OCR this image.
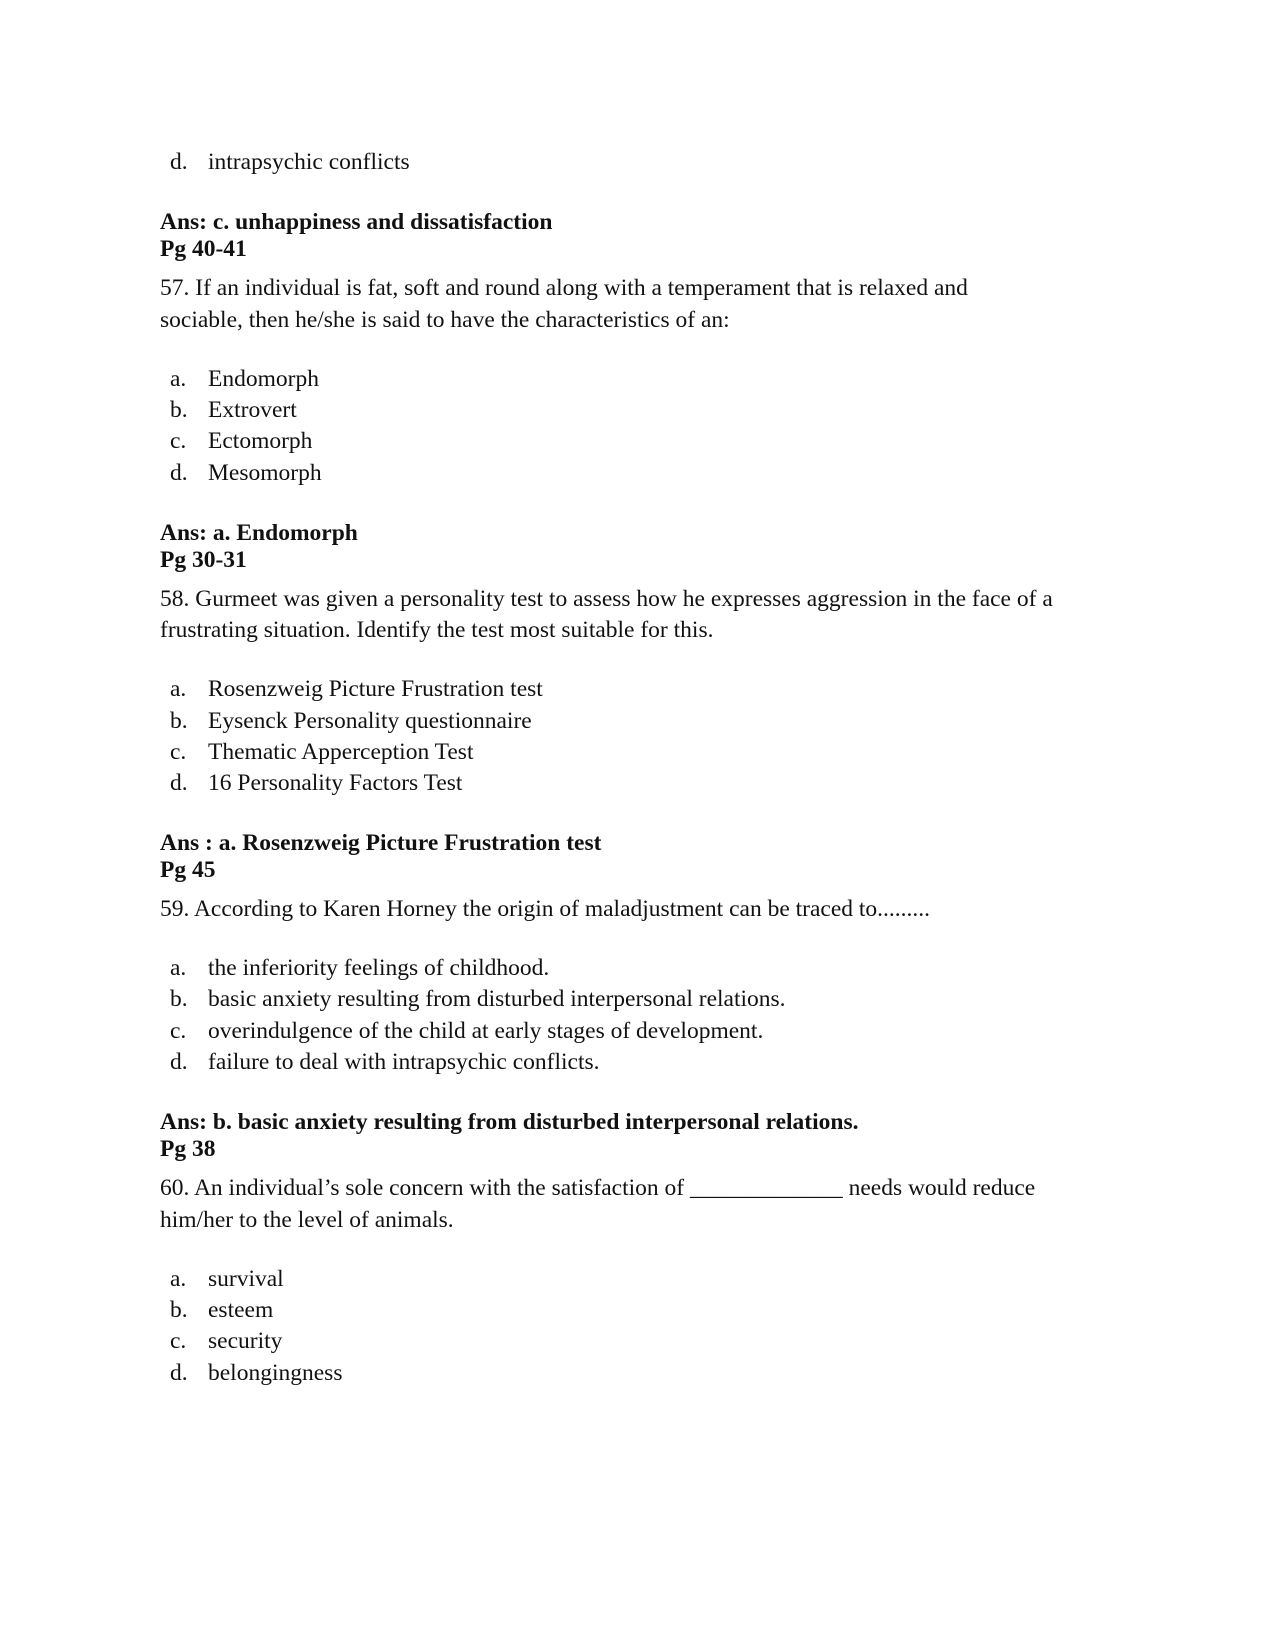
d. intrapsychic conflicts
Ans: c. unhappiness and dissatisfaction
Pg 40-41
57. If an individual is fat, soft and round along with a temperament that is relaxed and
sociable, then he/she is said to have the characteristics of an:
a. Endomorph
b. Extrovert
c. Ectomorph
d. Mesomorph
Ans: a. Endomorph
Pg 30-31
58. Gurmeet was given a personality test to assess how he expresses aggression in the face of a
frustrating situation. Identify the test most suitable for this.
a. Rosenzweig Picture Frustration test
b. Eysenck Personality questionnaire
c. Thematic Apperception Test
d. 16 Personality Factors Test
Ans : a. Rosenzweig Picture Frustration test
Pg 45
59. According to Karen Horney the origin of maladjustment can be traced to.........
a. the inferiority feelings of childhood.
b. basic anxiety resulting from disturbed interpersonal relations.
c. overindulgence of the child at early stages of development.
d. failure to deal with intrapsychic conflicts.
Ans: b. basic anxiety resulting from disturbed interpersonal relations.
Pg 38
60. An individual’s sole concern with the satisfaction of _____________ needs would reduce
him/her to the level of animals.
a. survival
b. esteem
c. security
d. belongingness
